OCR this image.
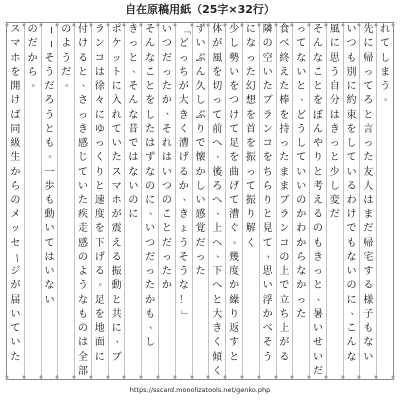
自在原稿用紙（25字×32行）
れ
て
し
ま
う
。
先
に
帰
っ
て
ろ
と
言
っ
た
友
人
は
ま
だ
帰
宅
す
る
様
子
も
な
い
い
つ
も
別
に
約
束
を
し
て
い
る
わ
け
で
も
な
い
の
に
、
こ
ん
な
風
に
思
う
自
分
は
き
っ
と
少
し
変
だ
そ
ん
な
こ
と
を
ぼ
ん
や
り
と
考
え
る
の
も
き
っ
と
、
暑
い
せ
い
だ
っ
て
な
い
と
、
ど
う
し
て
い
い
の
か
わ
か
ら
な
か
っ
た
食
べ
終
え
た
棒
を
持
っ
た
ま
ま
ブ
ラ
ン
コ
の
上
で
立
ち
上
が
る
隣
の
空
い
た
ブ
ラ
ン
コ
を
ち
ら
り
と
見
て
、
思
い
浮
か
べ
そ
う
に
な
っ
た
幻
想
を
首
を
振
っ
て
振
り
解
く
少
し
勢
い
を
つ
け
て
足
を
曲
げ
て
漕
ぐ
。
幾
度
か
繰
り
返
す
と
体
が
風
を
切
っ
て
前
へ
、
後
ろ
へ
、
上
へ
、
下
へ
と
大
き
く
傾
く
ず
い
ぶ
ん
久
し
ぶ
り
で
懐
か
し
い
感
覚
だ
っ
た
「
ど
っ
ち
が
大
き
く
漕
げ
る
か
、
き
ょ
う
そ
う
な
！
」
い
つ
だ
っ
た
か
、
そ
れ
は
い
つ
の
こ
と
だ
っ
た
か
そ
ん
な
こ
と
を
し
た
は
ず
な
の
に
、
い
つ
だ
っ
た
か
も
、
し
き
っ
と
、
そ
ん
な
昔
で
は
な
い
の
に
ポ
ケ
ッ
ト
に
入
れ
て
い
た
ス
マ
ホ
が
震
え
る
振
動
と
共
に
、
ブ
ラ
ン
コ
は
徐
々
に
ゆ
っ
く
り
と
速
度
を
下
げ
る
。
足
を
地
面
に
付
け
る
と
、
さ
っ
き
感
じ
て
い
た
疾
走
感
の
よ
う
な
も
の
は
全
部
の
よ
う
だ
。
─
─
そ
う
だ
ろ
う
と
も
。
一
歩
も
動
い
て
は
い
な
い
の
だ
か
ら
。
ス
マ
ホ
を
開
け
ば
同
級
生
か
ら
の
メ
ッ
セ
ー
ジ
が
届
い
て
い
た
https://sscard.monolizatools.net/genko.php
